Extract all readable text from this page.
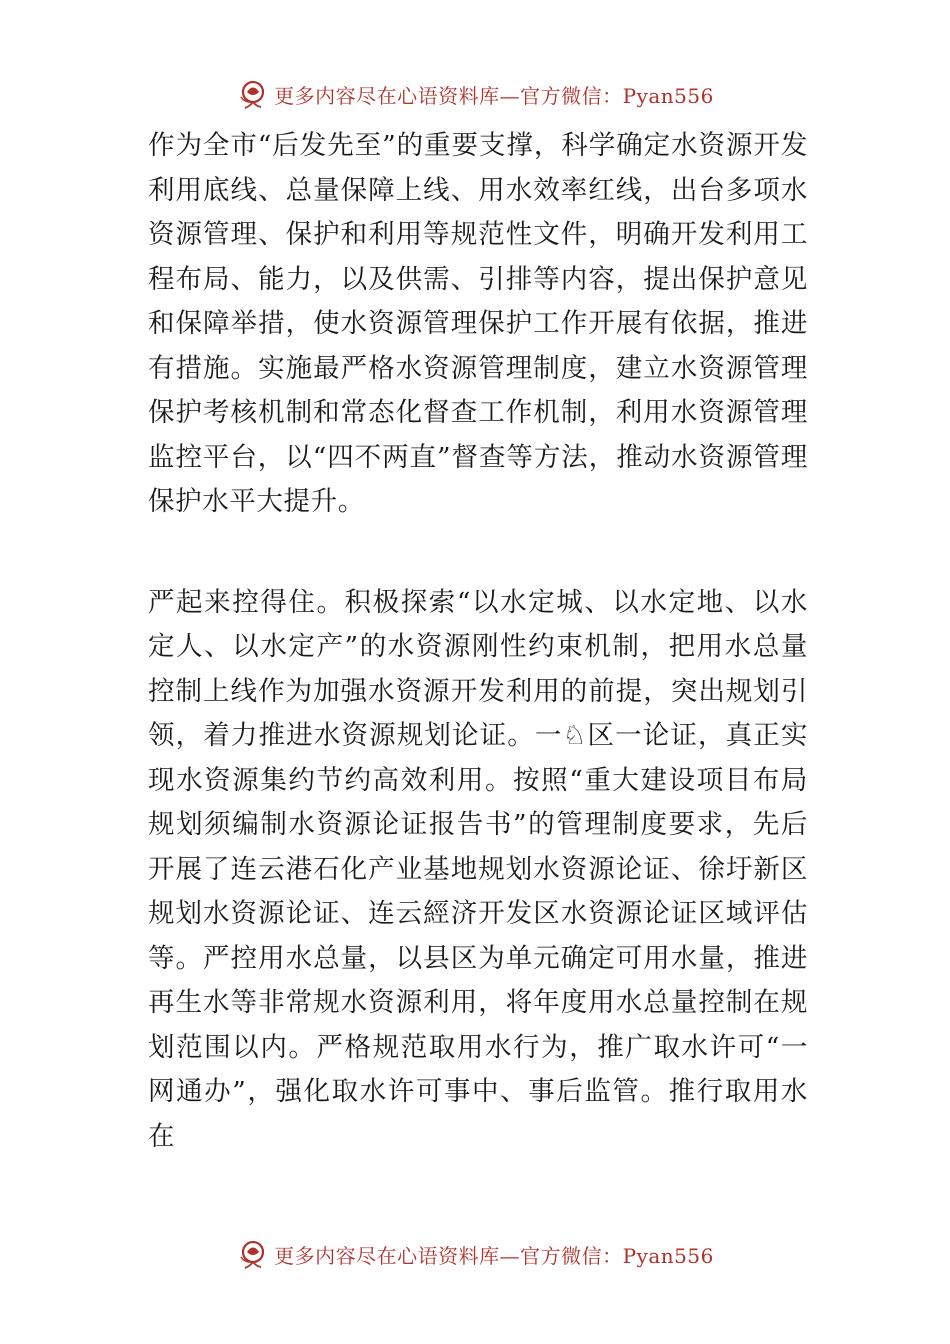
更多内容尽在心语资料库—官方微信：Pyan556

作为全市“后发先至”的重要支撑，科学确定水资源开发利用底线、总量保障上线、用水效率红线，出台多项水资源管理、保护和利用等规范性文件，明确开发利用工程布局、能力，以及供需、引排等内容，提出保护意见和保障举措，使水资源管理保护工作开展有依据，推进有措施。实施最严格水资源管理制度，建立水资源管理保护考核机制和常态化督查工作机制，利用水资源管理监控平台，以“四不两直”督查等方法，推动水资源管理保护水平大提升。

严起来控得住。积极探索“以水定城、以水定地、以水定人、以水定产”的水资源刚性约束机制，把用水总量控制上线作为加强水资源开发利用的前提，突出规划引领，着力推进水资源规划论证。一♘区一论证，真正实现水资源集约节约高效利用。按照“重大建设项目布局规划须编制水资源论证报告书”的管理制度要求，先后开展了连云港石化产业基地规划水资源论证、徐圩新区规划水资源论证、连云經济开发区水资源论证区域评估等。严控用水总量，以县区为单元确定可用水量，推进再生水等非常规水资源利用，将年度用水总量控制在规划范围以内。严格规范取用水行为，推广取水许可“一网通办”，强化取水许可事中、事后监管。推行取用水在

更多内容尽在心语资料库—官方微信：Pyan556
